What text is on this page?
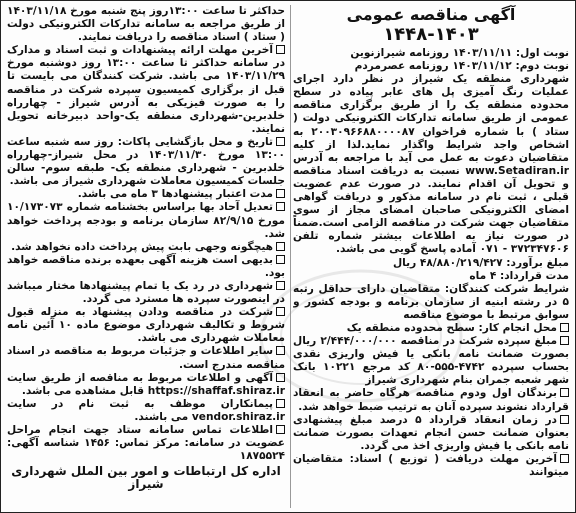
آگهی مناقصه عمومی

۱۴۴۸-۱۴۰۳

نوبت اول: ۱۴۰۳/۱۱/۱۱ روزنامه شیرازنوین

نوبت دوم: ۱۴۰۳/۱۱/۱۲ روزنامه عصرمردم

شهرداری منطقه یک شیراز در نظر دارد اجرای عملیات رنگ آمیزی پل های عابر پیاده در سطح محدوده منطقه یک را از طریق برگزاری مناقصه عمومی از طریق سامانه تدارکات الکترونیکی دولت ( ستاد ) با شماره فراخوان ۲۰۰۳۰۹۶۶۸۸۰۰۰۰۸۷ به اشخاص واجد شرایط واگذار نماید.لذا از کلیه متقاضیان دعوت به عمل می آید با مراجعه به آدرس www.Setadiran.ir نسبت به دریافت اسناد مناقصه و تحویل آن اقدام نمایند. در صورت عدم عضویت قبلی ، ثبت نام در سامانه مذکور و دریافت گواهی امضای الکترونیکی صاحبان امضای مجاز از سوی متقاضیان جهت شرکت در مناقصه الزامی است.ضمناً در صورت نیاز به اطلاعات بیشتر شماره تلفن ۳۷۲۳۴۷۶۰۶ - ۰۷۱ آماده پاسخ گویی می باشد.

مبلغ برآورد: ۴۸/۸۸۰/۲۱۹/۴۲۷ ریال

مدت قرارداد: ۴ ماه

شرایط شرکت کنندگان: متقاضیان دارای حداقل رتبه ۵ در رشته ابنیه از سازمان برنامه و بودجه کشور و سوابق مرتبط با موضوع مناقصه

محل انجام کار: سطح محدوده منطقه یک

مبلغ سپرده شرکت در مناقصه ۲/۴۴۴/۰۰۰/۰۰۰ ریال بصورت ضمانت نامه بانکی یا فیش واریزی نقدی بحساب سپرده ۴۷۴۲-۵۵۵-۸۰ کد مرجع ۱۰۲۲۱ بانک شهر شعبه جمران بنام شهرداری شیراز

برندگان اول ودوم مناقصه هرگاه حاضر به انعقاد قرارداد نشوند سپرده آنان به ترتیب ضبط خواهد شد.

در زمان انعقاد قرارداد ۵ درصد مبلغ پیشنهادی بعنوان ضمانت حسن انجام تعهدات بصورت ضمانت نامه بانکی یا فیش واریزی اخذ می گردد.

آخرین مهلت دریافت ( توزیع ) اسناد: متقاضیان میتوانند

حداکثر تا ساعت ۱۳:۰۰روز پنج شنبه مورخ ۱۴۰۳/۱۱/۱۸ از طریق مراجعه به سامانه تدارکات الکترونیکی دولت ( ستاد ) اسناد مناقصه را دریافت نمایند.

آخرین مهلت ارائه پیشنهادات و ثبت اسناد و مدارک در سامانه حداکثر تا ساعت ۱۳:۰۰ روز دوشنبه مورخ ۱۴۰۳/۱۱/۲۹ می باشد. شرکت کنندگان می بایست تا قبل از برگزاری کمیسیون سپرده شرکت در مناقصه را به صورت فیزیکی به آدرس شیراز - چهارراه خلدبرین-شهرداری منطقه یک-واحد دبیرخانه تحویل نمایند.

تاریخ و محل بازگشایی پاکات: روز سه شنبه ساعت ۱۳:۰۰ مورخ ۱۴۰۳/۱۱/۳۰ در محل شیراز-چهارراه خلدبرین - شهرداری منطقه یک- طبقه سوم- سالن جلسات کمیسیون معاملات شهرداری شیراز می باشد.

مدت اعتبار پیشنهادها ۳ ماه می باشد.

تعدیل آحاد بها براساس بخشنامه شماره ۱۰/۱۷۳۰۷۳ مورخ ۸۲/۹/۱۵ سازمان برنامه و بودجه پرداخت خواهد شد.

هیچگونه وجهی بابت پیش پرداخت داده نخواهد شد.

بدیهی است هزینه آگهی بعهده برنده مناقصه خواهد بود.

شهرداری در رد یک یا تمام پیشنهادها مختار میباشد در اینصورت سپرده ها مسترد می گردد.

شرکت در مناقصه ودادن پیشنهاد به منزله قبول شروط و تکالیف شهرداری موضوع ماده ۱۰ آئین نامه معاملات شهرداری می باشد.

سایر اطلاعات و جزئیات مربوط به مناقصه در اسناد مناقصه مندرج است.

آگهی و اطلاعات مربوط به مناقصه از طریق سایت https://shaffaf.shiraz.ir قابل مشاهده می باشد.

پیمانکاران موظف به ثبت نام در سایت vendor.shiraz.ir می باشند.

اطلاعات تماس سامانه ستاد جهت انجام مراحل عضویت در سامانه: مرکز تماس: ۱۴۵۶ شناسه آگهی: ۱۸۷۵۵۲۴

اداره کل ارتباطات و امور بین الملل شهرداری شیراز
